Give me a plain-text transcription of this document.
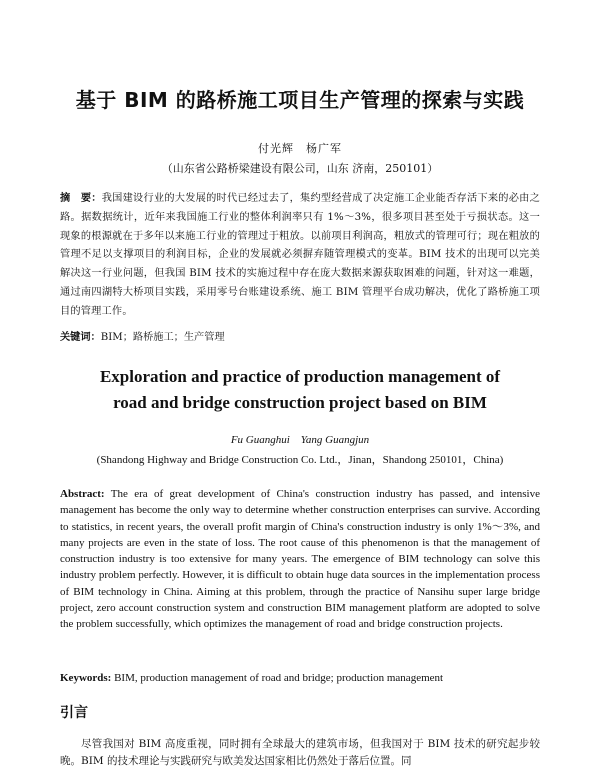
基于 BIM 的路桥施工项目生产管理的探索与实践
付光辉　杨广军
（山东省公路桥梁建设有限公司，山东 济南，250101）
摘　要：我国建设行业的大发展的时代已经过去了，集约型经营成了决定施工企业能否存活下来的必由之路。据数据统计，近年来我国施工行业的整体利润率只有 1%～3%，很多项目甚至处于亏损状态。这一现象的根源就在于多年以来施工行业的管理过于粗放。以前项目利润高，粗放式的管理可行；现在粗放的管理不足以支撑项目的利润目标，企业的发展就必须摒弃随管理模式的变革。BIM 技术的出现可以完美解决这一行业问题，但我国 BIM 技术的实施过程中存在庞大数据来源获取困难的问题，针对这一难题，通过南四湖特大桥项目实践，采用零号台账建设系统、施工 BIM 管理平台成功解决，优化了路桥施工项目的管理工作。
关键词：BIM；路桥施工；生产管理
Exploration and practice of production management of
road and bridge construction project based on BIM
Fu Guanghui　Yang Guangjun
(Shandong Highway and Bridge Construction Co. Ltd.，Jinan，Shandong 250101，China)
Abstract: The era of great development of China's construction industry has passed, and intensive management has become the only way to determine whether construction enterprises can survive. According to statistics, in recent years, the overall profit margin of China's construction industry is only 1%～3%, and many projects are even in the state of loss. The root cause of this phenomenon is that the management of construction industry is too extensive for many years. The emergence of BIM technology can solve this industry problem perfectly. However, it is difficult to obtain huge data sources in the implementation process of BIM technology in China. Aiming at this problem, through the practice of Nansihu super large bridge project, zero account construction system and construction BIM management platform are adopted to solve the problem successfully, which optimizes the management of road and bridge construction projects.
Keywords: BIM, production management of road and bridge; production management
引言
尽管我国对 BIM 高度重视，同时拥有全球最大的建筑市场，但我国对于 BIM 技术的研究起步较晚。BIM 的技术理论与实践研究与欧美发达国家相比仍然处于落后位置。同
